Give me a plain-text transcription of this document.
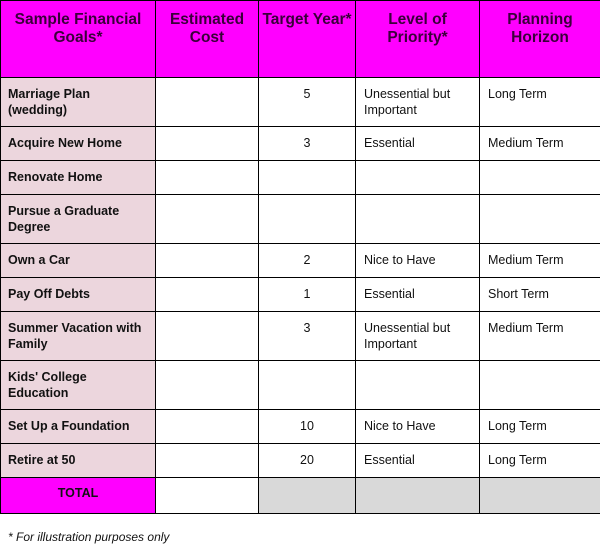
Sample Financial Goals*	Estimated Cost	Target Year*	Level of Priority*	Planning Horizon
Marriage Plan (wedding)		5	Unessential but Important	Long Term
Acquire New Home		3	Essential	Medium Term
Renovate Home				
Pursue a Graduate Degree				
Own a Car		2	Nice to Have	Medium Term
Pay Off Debts		1	Essential	Short Term
Summer Vacation with Family		3	Unessential but Important	Medium Term
Kids' College Education				
Set Up a Foundation		10	Nice to Have	Long Term
Retire at 50		20	Essential	Long Term
TOTAL				
* For illustration purposes only
